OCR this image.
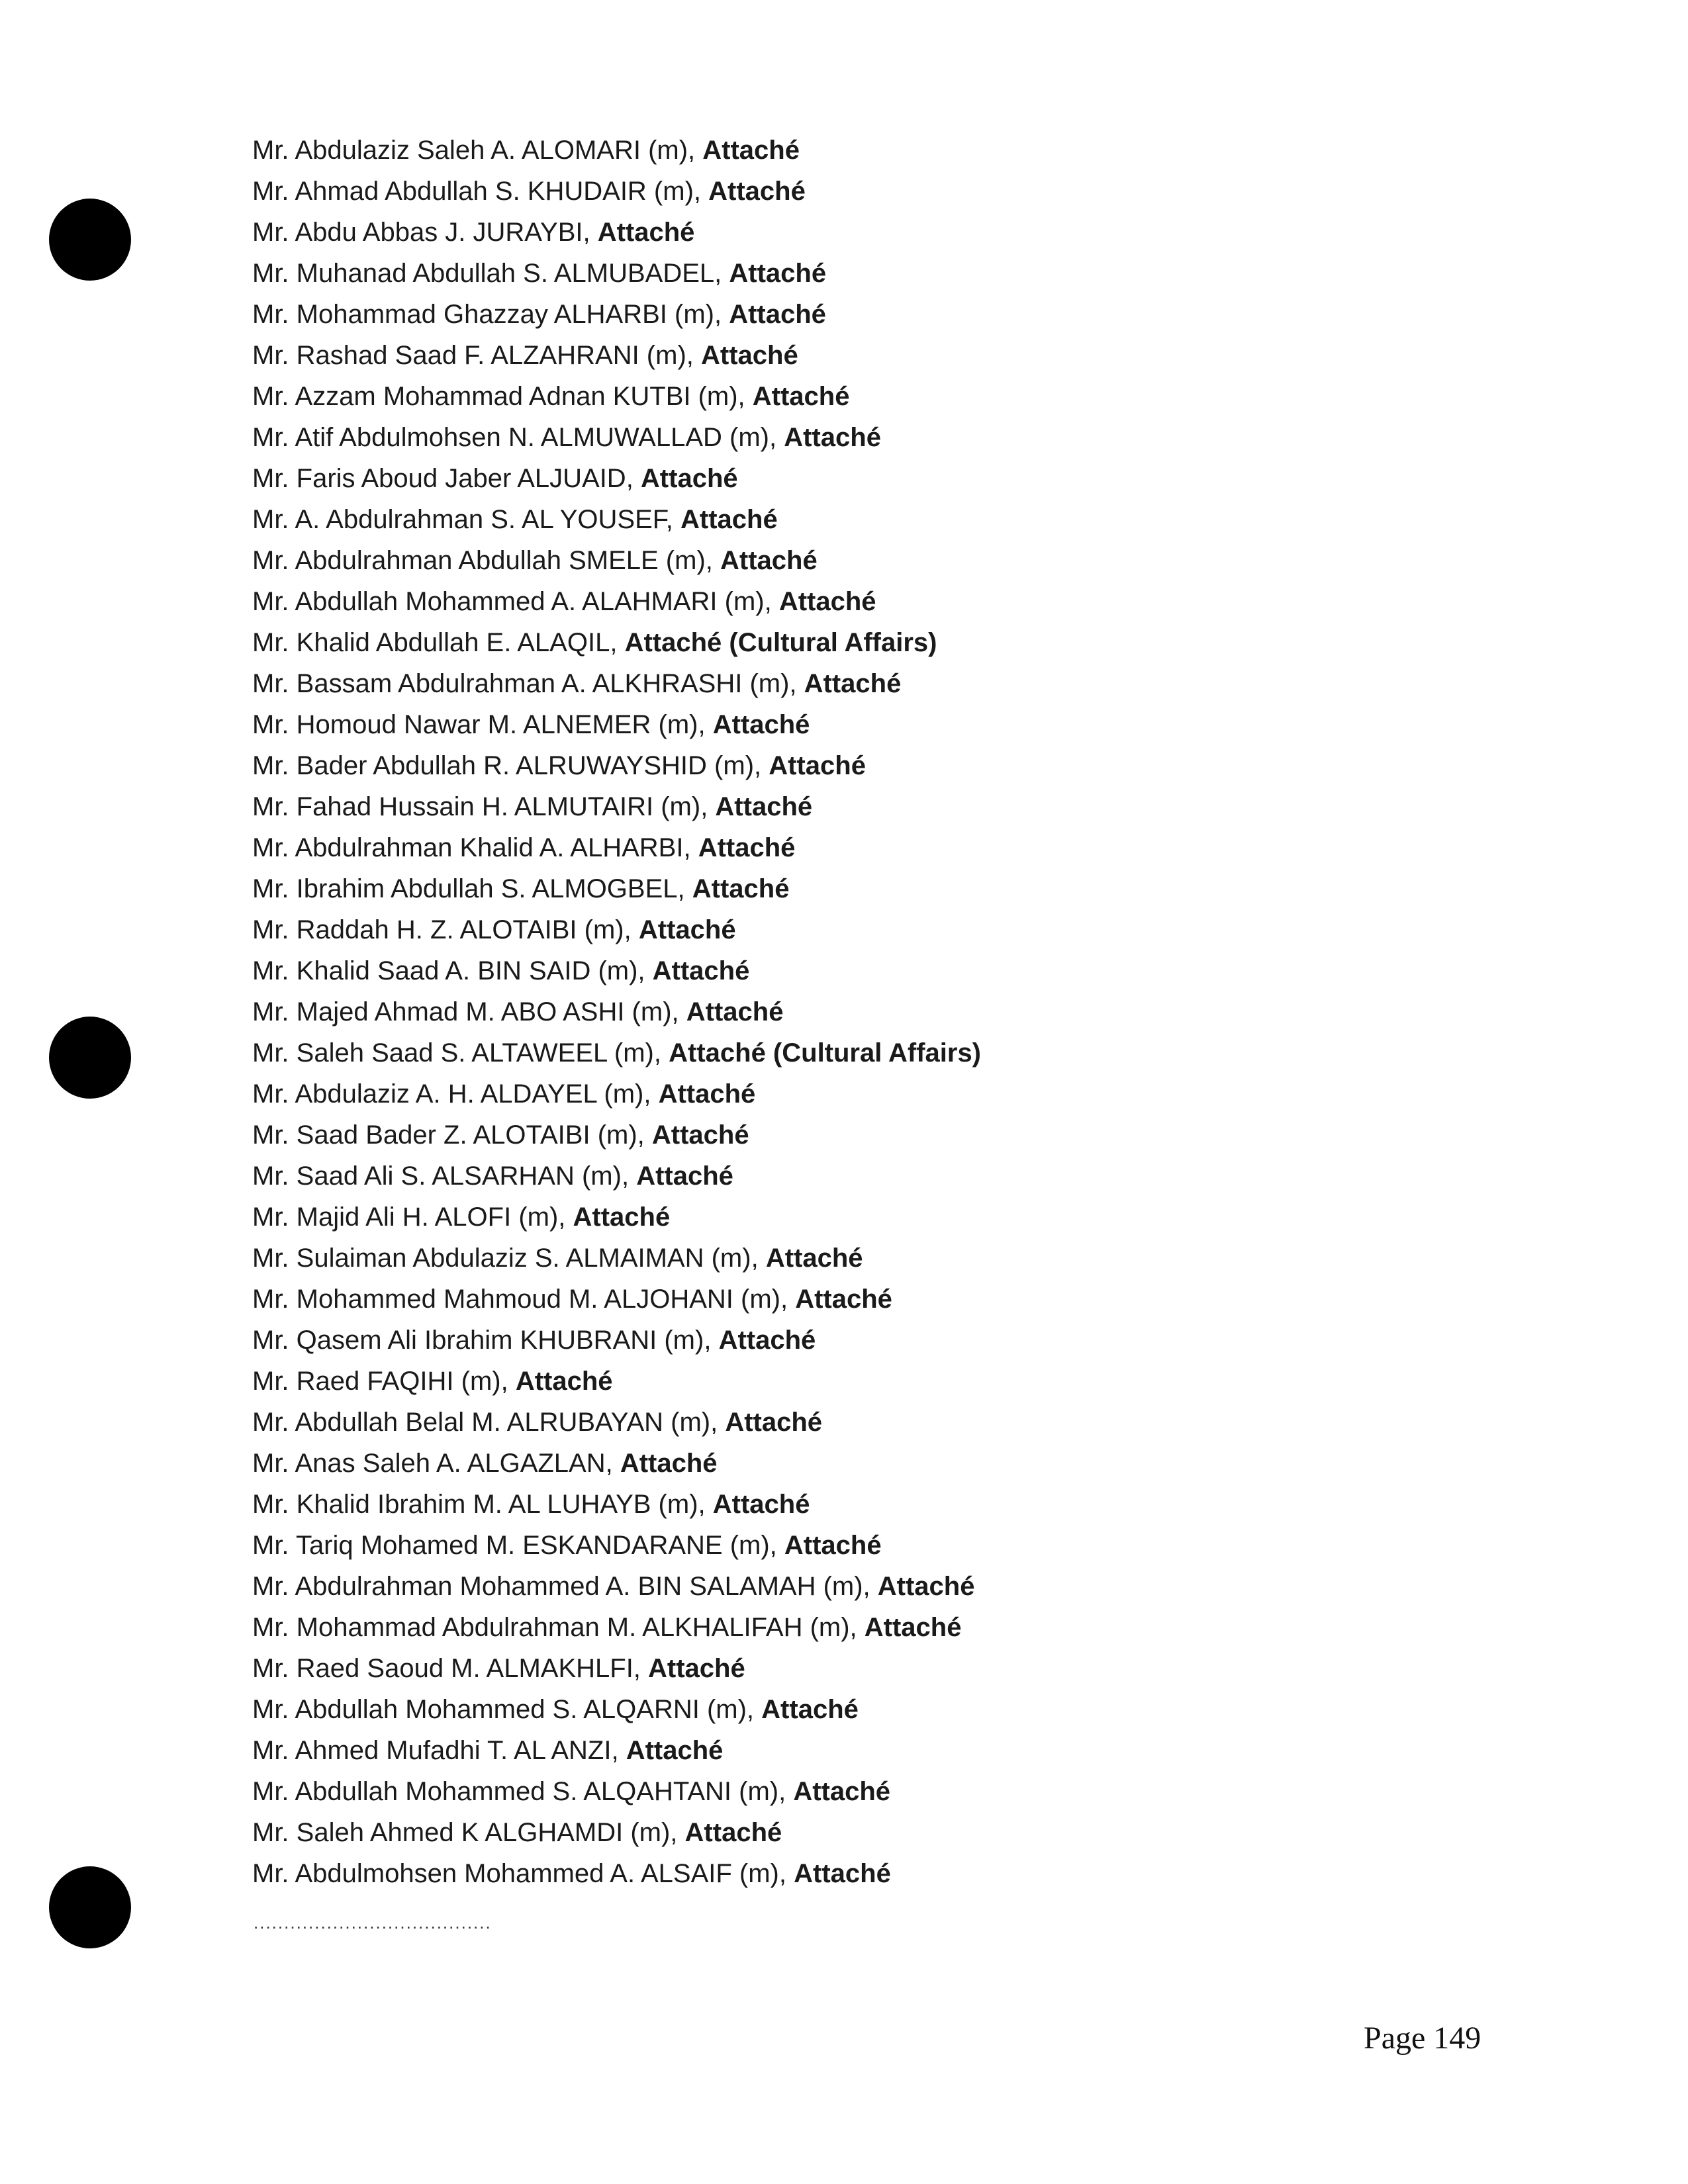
Mr. Abdulaziz Saleh A. ALOMARI (m), Attaché
Mr. Ahmad Abdullah S. KHUDAIR (m), Attaché
Mr. Abdu Abbas J. JURAYBI, Attaché
Mr. Muhanad Abdullah S. ALMUBADEL, Attaché
Mr. Mohammad Ghazzay ALHARBI (m), Attaché
Mr. Rashad Saad F. ALZAHRANI (m), Attaché
Mr. Azzam Mohammad Adnan KUTBI (m), Attaché
Mr. Atif Abdulmohsen N. ALMUWALLAD (m), Attaché
Mr. Faris Aboud Jaber ALJUAID, Attaché
Mr. A. Abdulrahman S. AL YOUSEF, Attaché
Mr. Abdulrahman Abdullah SMELE (m), Attaché
Mr. Abdullah Mohammed A. ALAHMARI (m), Attaché
Mr. Khalid Abdullah E. ALAQIL, Attaché (Cultural Affairs)
Mr. Bassam Abdulrahman A. ALKHRASHI (m), Attaché
Mr. Homoud Nawar M. ALNEMER (m), Attaché
Mr. Bader Abdullah R. ALRUWAYSHID (m), Attaché
Mr. Fahad Hussain H. ALMUTAIRI (m), Attaché
Mr. Abdulrahman Khalid A. ALHARBI, Attaché
Mr. Ibrahim Abdullah S. ALMOGBEL, Attaché
Mr. Raddah H. Z. ALOTAIBI (m), Attaché
Mr. Khalid Saad A. BIN SAID (m), Attaché
Mr. Majed Ahmad M. ABO ASHI (m), Attaché
Mr. Saleh Saad S. ALTAWEEL (m), Attaché (Cultural Affairs)
Mr. Abdulaziz A. H. ALDAYEL (m), Attaché
Mr. Saad Bader Z. ALOTAIBI (m), Attaché
Mr. Saad Ali S. ALSARHAN (m), Attaché
Mr. Majid Ali H. ALOFI (m), Attaché
Mr. Sulaiman Abdulaziz S. ALMAIMAN (m), Attaché
Mr. Mohammed Mahmoud M. ALJOHANI (m), Attaché
Mr. Qasem Ali Ibrahim KHUBRANI (m), Attaché
Mr. Raed FAQIHI (m), Attaché
Mr. Abdullah Belal M. ALRUBAYAN (m), Attaché
Mr. Anas Saleh A. ALGAZLAN, Attaché
Mr. Khalid Ibrahim M. AL LUHAYB (m), Attaché
Mr. Tariq Mohamed M. ESKANDARANE (m), Attaché
Mr. Abdulrahman Mohammed A. BIN SALAMAH (m), Attaché
Mr. Mohammad Abdulrahman M. ALKHALIFAH (m), Attaché
Mr. Raed Saoud M. ALMAKHLFI, Attaché
Mr. Abdullah Mohammed S. ALQARNI (m), Attaché
Mr. Ahmed Mufadhi T. AL ANZI, Attaché
Mr. Abdullah Mohammed S. ALQAHTANI (m), Attaché
Mr. Saleh Ahmed K ALGHAMDI (m), Attaché
Mr. Abdulmohsen Mohammed A. ALSAIF (m), Attaché
.......................................
Page 149
